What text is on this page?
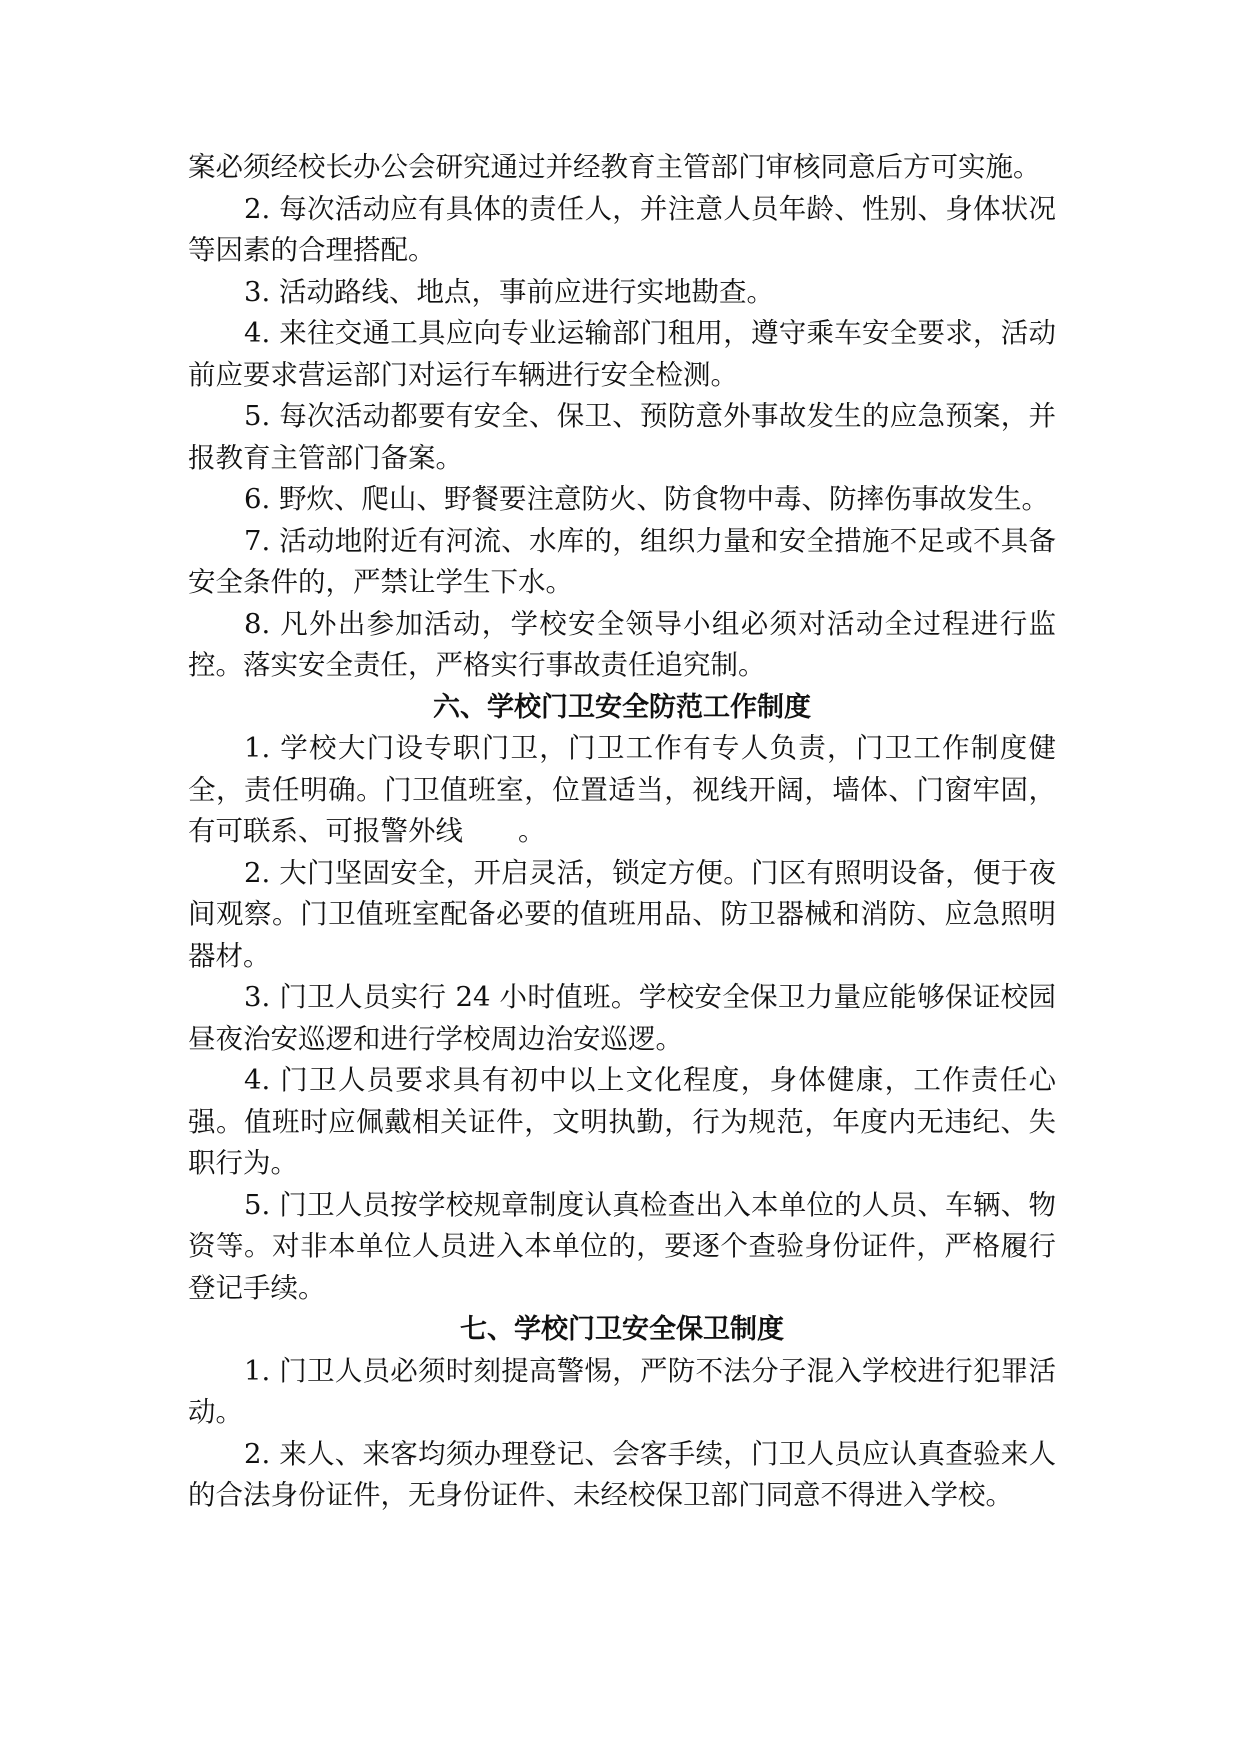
案必须经校长办公会研究通过并经教育主管部门审核同意后方可实施。

2. 每次活动应有具体的责任人，并注意人员年龄、性别、身体状况等因素的合理搭配。

3. 活动路线、地点，事前应进行实地勘查。

4. 来往交通工具应向专业运输部门租用，遵守乘车安全要求，活动前应要求营运部门对运行车辆进行安全检测。

5. 每次活动都要有安全、保卫、预防意外事故发生的应急预案，并报教育主管部门备案。

6. 野炊、爬山、野餐要注意防火、防食物中毒、防摔伤事故发生。

7. 活动地附近有河流、水库的，组织力量和安全措施不足或不具备安全条件的，严禁让学生下水。

8. 凡外出参加活动，学校安全领导小组必须对活动全过程进行监控。落实安全责任，严格实行事故责任追究制。

六、学校门卫安全防范工作制度

1. 学校大门设专职门卫，门卫工作有专人负责，门卫工作制度健全，责任明确。门卫值班室，位置适当，视线开阔，墙体、门窗牢固，有可联系、可报警外线　　。

2. 大门坚固安全，开启灵活，锁定方便。门区有照明设备，便于夜间观察。门卫值班室配备必要的值班用品、防卫器械和消防、应急照明器材。

3. 门卫人员实行 24 小时值班。学校安全保卫力量应能够保证校园昼夜治安巡逻和进行学校周边治安巡逻。

4. 门卫人员要求具有初中以上文化程度，身体健康，工作责任心强。值班时应佩戴相关证件，文明执勤，行为规范，年度内无违纪、失职行为。

5. 门卫人员按学校规章制度认真检查出入本单位的人员、车辆、物资等。对非本单位人员进入本单位的，要逐个查验身份证件，严格履行登记手续。

七、学校门卫安全保卫制度

1. 门卫人员必须时刻提高警惕，严防不法分子混入学校进行犯罪活动。

2. 来人、来客均须办理登记、会客手续，门卫人员应认真查验来人的合法身份证件，无身份证件、未经校保卫部门同意不得进入学校。
